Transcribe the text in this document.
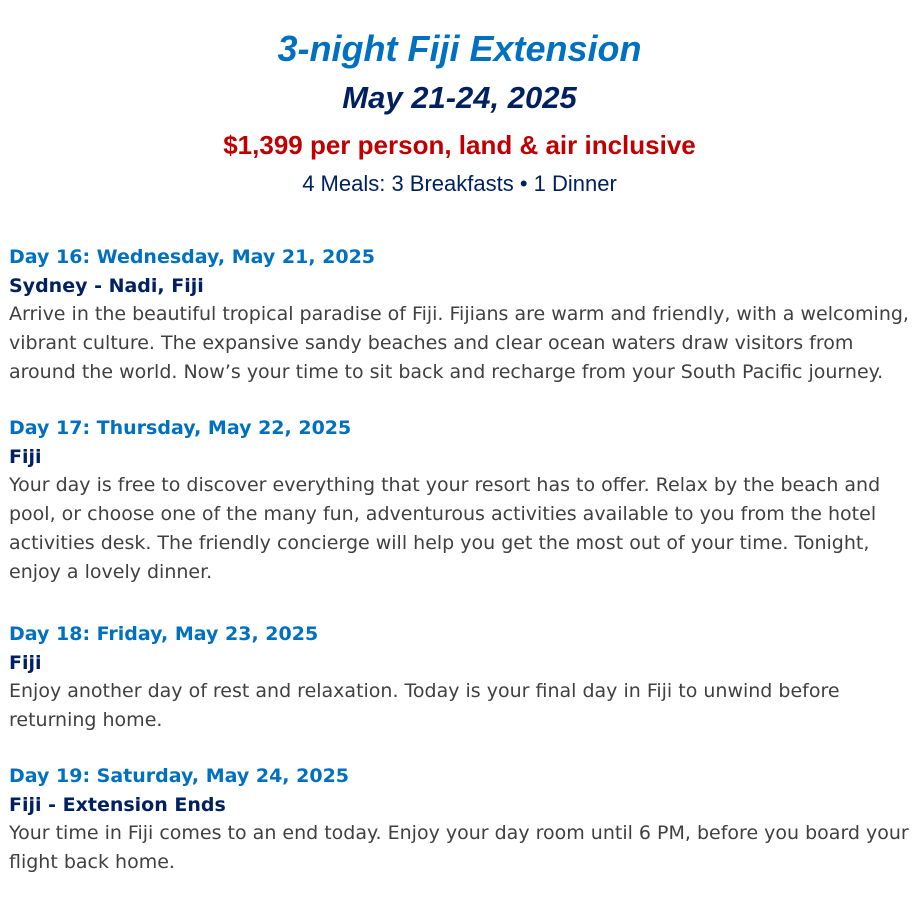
3-night Fiji Extension
May 21-24, 2025
$1,399 per person, land & air inclusive
4 Meals: 3 Breakfasts • 1 Dinner
Day 16: Wednesday, May 21, 2025
Sydney - Nadi, Fiji
Arrive in the beautiful tropical paradise of Fiji. Fijians are warm and friendly, with a welcoming, vibrant culture. The expansive sandy beaches and clear ocean waters draw visitors from around the world. Now’s your time to sit back and recharge from your South Pacific journey.
Day 17: Thursday, May 22, 2025
Fiji
Your day is free to discover everything that your resort has to offer. Relax by the beach and pool, or choose one of the many fun, adventurous activities available to you from the hotel activities desk. The friendly concierge will help you get the most out of your time. Tonight, enjoy a lovely dinner.
Day 18: Friday, May 23, 2025
Fiji
Enjoy another day of rest and relaxation. Today is your final day in Fiji to unwind before returning home.
Day 19: Saturday, May 24, 2025
Fiji - Extension Ends
Your time in Fiji comes to an end today. Enjoy your day room until 6 PM, before you board your flight back home.
